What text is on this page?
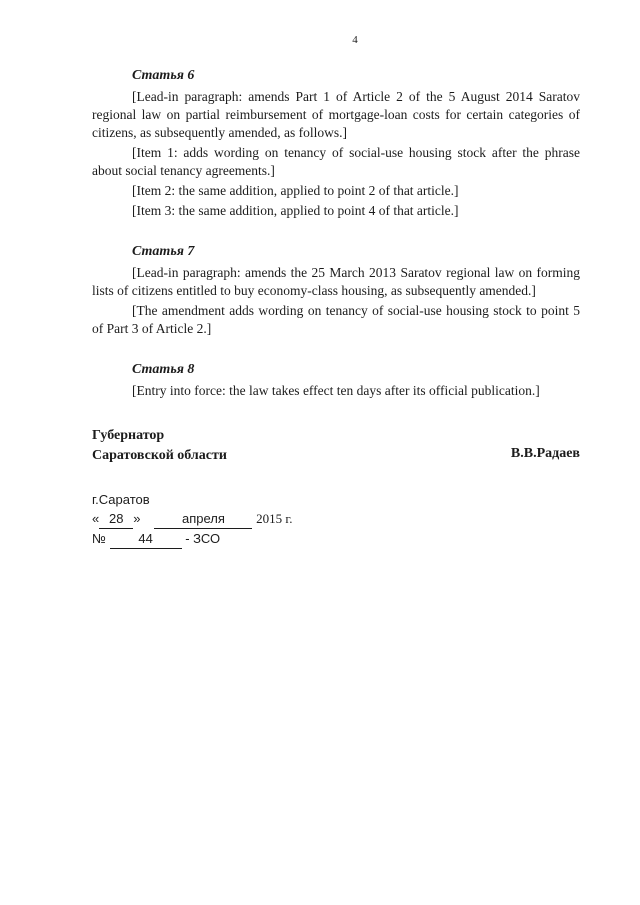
4
Статья 6

[Lead-in paragraph: amends Part 1 of Article 2 of the 5 August 2014 Saratov regional law on partial reimbursement of mortgage-loan costs for certain categories of citizens, as subsequently amended, as follows.]

[Item 1: adds wording on tenancy of social-use housing stock after the phrase about social tenancy agreements.]

[Item 2: the same addition, applied to point 2 of that article.]

[Item 3: the same addition, applied to point 4 of that article.]

Статья 7

[Lead-in paragraph: amends the 25 March 2013 Saratov regional law on forming lists of citizens entitled to buy economy-class housing, as subsequently amended.]

[The amendment adds wording on tenancy of social-use housing stock to point 5 of Part 3 of Article 2.]

Статья 8

[Entry into force: the law takes effect ten days after its official publication.]

Губернатор
Саратовской области	В.В.Радаев
г.Саратов
« 28 »	апреля 2015 г.
№ 44 - ЗСО
